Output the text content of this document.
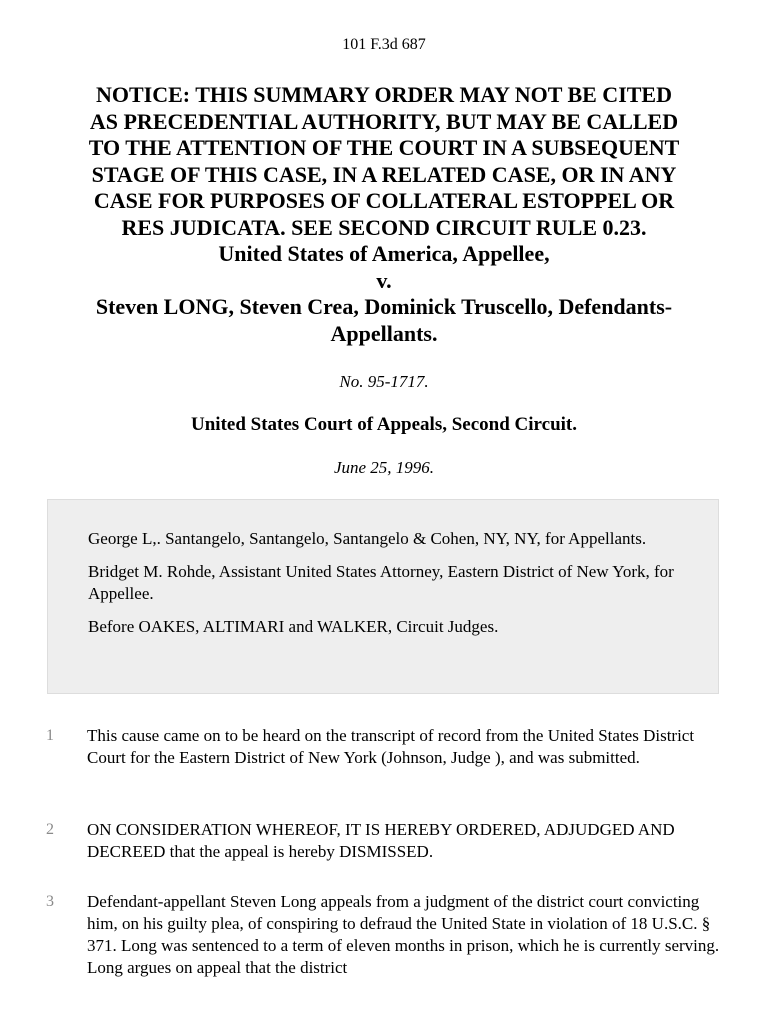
101 F.3d 687
NOTICE: THIS SUMMARY ORDER MAY NOT BE CITED
AS PRECEDENTIAL AUTHORITY, BUT MAY BE CALLED
TO THE ATTENTION OF THE COURT IN A SUBSEQUENT
STAGE OF THIS CASE, IN A RELATED CASE, OR IN ANY
CASE FOR PURPOSES OF COLLATERAL ESTOPPEL OR
RES JUDICATA. SEE SECOND CIRCUIT RULE 0.23.
United States of America, Appellee,
v.
Steven LONG, Steven Crea, Dominick Truscello, Defendants-
Appellants.
No. 95-1717.
United States Court of Appeals, Second Circuit.
June 25, 1996.

George L,. Santangelo, Santangelo, Santangelo & Cohen, NY, NY, for Appellants.

Bridget M. Rohde, Assistant United States Attorney, Eastern District of New York, for Appellee.

Before OAKES, ALTIMARI and WALKER, Circuit Judges.

1 This cause came on to be heard on the transcript of record from the United States District Court for the Eastern District of New York (Johnson, Judge ), and was submitted.
2 ON CONSIDERATION WHEREOF, IT IS HEREBY ORDERED, ADJUDGED AND DECREED that the appeal is hereby DISMISSED.
3 Defendant-appellant Steven Long appeals from a judgment of the district court convicting him, on his guilty plea, of conspiring to defraud the United State in violation of 18 U.S.C. § 371. Long was sentenced to a term of eleven months in prison, which he is currently serving. Long argues on appeal that the district
